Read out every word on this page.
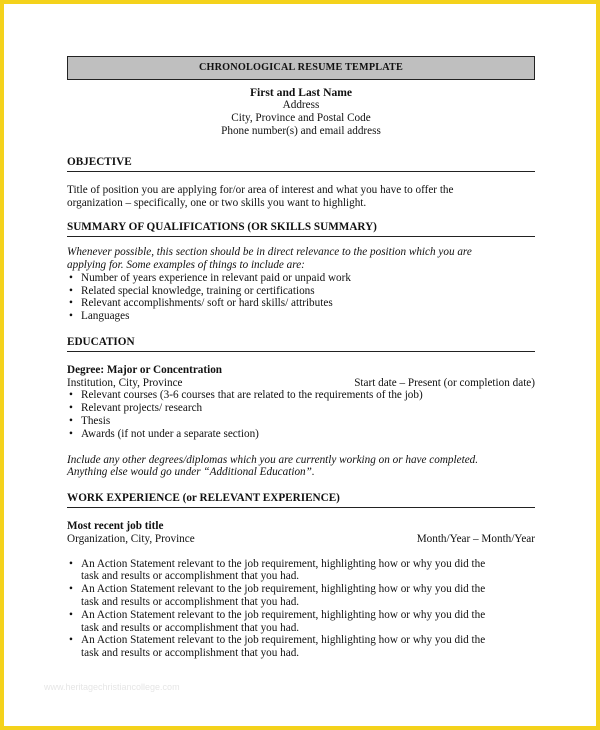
CHRONOLOGICAL RESUME TEMPLATE
First and Last Name
Address
City, Province and Postal Code
Phone number(s) and email address
OBJECTIVE
Title of position you are applying for/or area of interest and what you have to offer the
organization – specifically, one or two skills you want to highlight.
SUMMARY OF QUALIFICATIONS (OR SKILLS SUMMARY)
Whenever possible, this section should be in direct relevance to the position which you are
applying for. Some examples of things to include are:
• Number of years experience in relevant paid or unpaid work
• Related special knowledge, training or certifications
• Relevant accomplishments/ soft or hard skills/ attributes
• Languages
EDUCATION
Degree: Major or Concentration
Institution, City, Province	Start date – Present (or completion date)
• Relevant courses (3-6 courses that are related to the requirements of the job)
• Relevant projects/ research
• Thesis
• Awards (if not under a separate section)
Include any other degrees/diplomas which you are currently working on or have completed.
Anything else would go under “Additional Education”.
WORK EXPERIENCE (or RELEVANT EXPERIENCE)
Most recent job title
Organization, City, Province	Month/Year – Month/Year
• An Action Statement relevant to the job requirement, highlighting how or why you did the
task and results or accomplishment that you had.
• An Action Statement relevant to the job requirement, highlighting how or why you did the
task and results or accomplishment that you had.
• An Action Statement relevant to the job requirement, highlighting how or why you did the
task and results or accomplishment that you had.
• An Action Statement relevant to the job requirement, highlighting how or why you did the
task and results or accomplishment that you had.
www.heritagechristiancollege.com
